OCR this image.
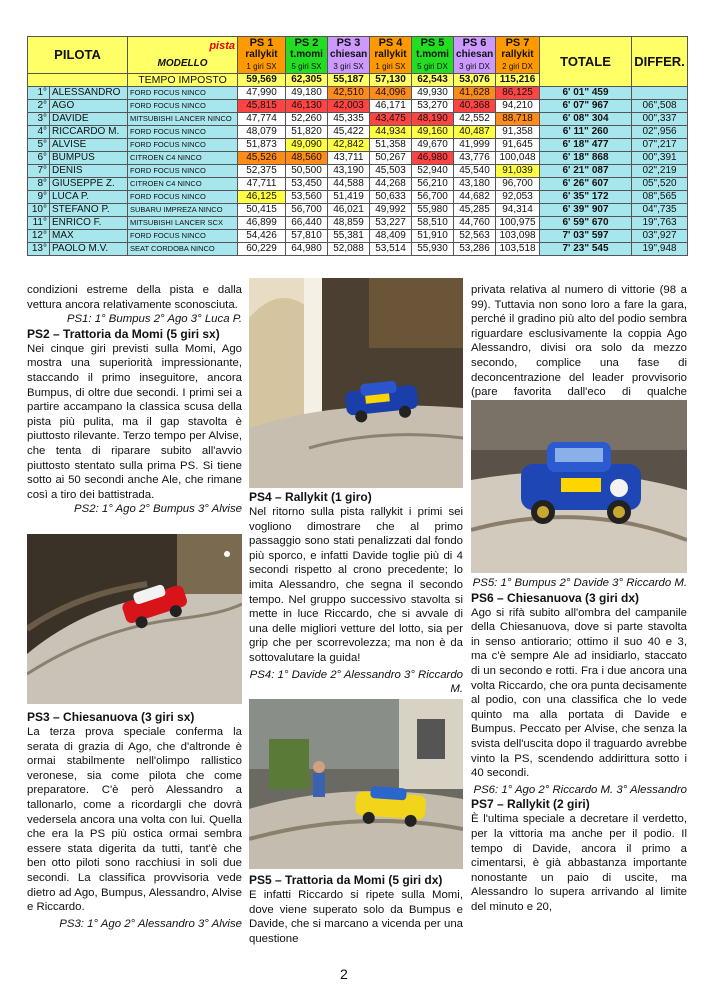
PILOTA		pista	PS 1
rallykit
1 giri SX	PS 2
t.momi
5 giri SX	PS 3
chiesan
3 giri SX	PS 4
rallykit
1 giri SX	PS 5
t.momi
5 giri DX	PS 6
chiesan
3 giri DX	PS 7
rallykit
2 giri DX	TOTALE	DIFFER.
		MODELLO									
		TEMPO IMPOSTO	59,569	62,305	55,187	57,130	62,543	53,076	115,216		
1°	ALESSANDRO	FORD FOCUS NINCO	47,990	49,180	42,510	44,096	49,930	41,628	86,125	6' 01" 459	
2°	AGO	FORD FOCUS NINCO	45,815	46,130	42,003	46,171	53,270	40,368	94,210	6' 07" 967	06",508
3°	DAVIDE	MITSUBISHI LANCER NINCO	47,774	52,260	45,335	43,475	48,190	42,552	88,718	6' 08" 304	00",337
4°	RICCARDO M.	FORD FOCUS NINCO	48,079	51,820	45,422	44,934	49,160	40,487	91,358	6' 11" 260	02",956
5°	ALVISE	FORD FOCUS NINCO	51,873	49,090	42,842	51,358	49,670	41,999	91,645	6' 18" 477	07",217
6°	BUMPUS	CITROEN C4 NINCO	45,526	48,560	43,711	50,267	46,980	43,776	100,048	6' 18" 868	00",391
7°	DENIS	FORD FOCUS NINCO	52,375	50,500	43,190	45,503	52,940	45,540	91,039	6' 21" 087	02",219
8°	GIUSEPPE Z.	CITROEN C4 NINCO	47,711	53,450	44,588	44,268	56,210	43,180	96,700	6' 26" 607	05",520
9°	LUCA P.	FORD FOCUS NINCO	46,125	53,560	51,419	50,633	56,700	44,682	92,053	6' 35" 172	08",565
10°	STEFANO P.	SUBARU IMPREZA NINCO	50,415	56,700	46,021	49,992	55,980	45,285	94,314	6' 39" 907	04",735
11°	ENRICO F.	MITSUBISHI LANCER SCX	46,899	66,440	48,859	53,227	58,510	44,760	100,975	6' 59" 670	19",763
12°	MAX	FORD FOCUS NINCO	54,426	57,810	55,381	48,409	51,910	52,563	103,098	7' 03" 597	03",927
13°	PAOLO M.V.	SEAT CORDOBA NINCO	60,229	64,980	52,088	53,514	55,930	53,286	103,518	7' 23" 545	19",948

condizioni estreme della pista e dalla vettura ancora relativamente sconosciuta.

PS1: 1° Bumpus 2° Ago 3° Luca P.

PS2 – Trattoria da Momi (5 giri sx)

Nei cinque giri previsti sulla Momi, Ago mostra una superiorità impressionante, staccando il primo inseguitore, ancora Bumpus, di oltre due secondi. I primi sei a partire accampano la classica scusa della pista più pulita, ma il gap stavolta è piuttosto rilevante. Terzo tempo per Alvise, che tenta di riparare subito all'avvio piuttosto stentato sulla prima PS. Si tiene sotto ai 50 secondi anche Ale, che rimane così a tiro dei battistrada.

PS2: 1° Ago 2° Bumpus 3° Alvise

PS3 – Chiesanuova (3 giri sx)

La terza prova speciale conferma la serata di grazia di Ago, che d'altronde è ormai stabilmente nell'olimpo rallistico veronese, sia come pilota che come preparatore. C'è però Alessandro a tallonarlo, come a ricordargli che dovrà vedersela ancora una volta con lui. Quella che era la PS più ostica ormai sembra essere stata digerita da tutti, tant'è che ben otto piloti sono racchiusi in soli due secondi. La classifica provvisoria vede dietro ad Ago, Bumpus, Alessandro, Alvise e Riccardo.

PS3: 1° Ago 2° Alessandro 3° Alvise

PS4 – Rallykit (1 giro)

Nel ritorno sulla pista rallykit i primi sei vogliono dimostrare che al primo passaggio sono stati penalizzati dal fondo più sporco, e infatti Davide toglie più di 4 secondi rispetto al crono precedente; lo imita Alessandro, che segna il secondo tempo. Nel gruppo successivo stavolta si mette in luce Riccardo, che si avvale di una delle migliori vetture del lotto, sia per grip che per scorrevolezza; ma non è da sottovalutare la guida!

PS4: 1° Davide 2° Alessandro 3° Riccardo M.

PS5 – Trattoria da Momi (5 giri dx)

E infatti Riccardo si ripete sulla Momi, dove viene superato solo da Bumpus e Davide, che si marcano a vicenda per una questione

privata relativa al numero di vittorie (98 a 99). Tuttavia non sono loro a fare la gara, perché il gradino più alto del podio sembra riguardare esclusivamente la coppia Ago Alessandro, divisi ora solo da mezzo secondo, complice una fase di deconcentrazione del leader provvisorio (pare favorita dall'eco di qualche

PS5: 1° Bumpus 2° Davide 3° Riccardo M.

PS6 – Chiesanuova (3 giri dx)

Ago si rifà subito all'ombra del campanile della Chiesanuova, dove si parte stavolta in senso antiorario; ottimo il suo 40 e 3, ma c'è sempre Ale ad insidiarlo, staccato di un secondo e rotti. Fra i due ancora una volta Riccardo, che ora punta decisamente al podio, con una classifica che lo vede quinto ma alla portata di Davide e Bumpus. Peccato per Alvise, che senza la svista dell'uscita dopo il traguardo avrebbe vinto la PS, scendendo addirittura sotto i 40 secondi.

PS6: 1° Ago 2° Riccardo M. 3° Alessandro

PS7 – Rallykit (2 giri)

È l'ultima speciale a decretare il verdetto, per la vittoria ma anche per il podio. Il tempo di Davide, ancora il primo a cimentarsi, è già abbastanza importante nonostante un paio di uscite, ma Alessandro lo supera arrivando al limite del minuto e 20,

2
